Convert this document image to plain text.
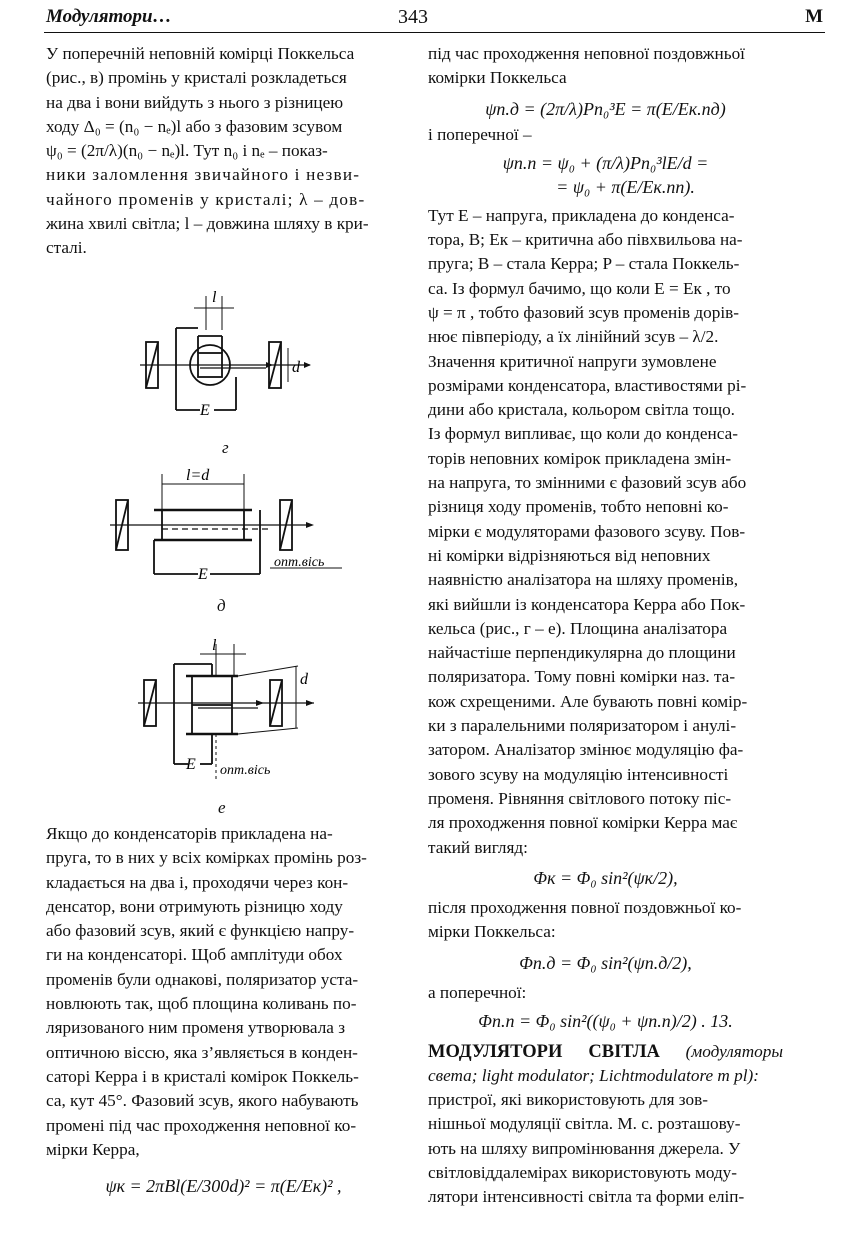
Модулятори…	343	М

У поперечній неповній комірці Поккельса

(рис., в) промінь у кристалі розкладеться

на два і вони вийдуть з нього з різницею

ходу Δ₀ = (n₀ − nₑ)l або з фазовим зсувом

ψ₀ = (2π/λ)(n₀ − nₑ)l. Тут n₀ і nₑ – показ-

ники заломлення звичайного і незви-

чайного променів у кристалі; λ – дов-

жина хвилі світла; l – довжина шляху в кри-

сталі.

l
d
E
г
l=d
E
опт.вісь
д
l
d
E опт.вісь
е

Якщо до конденсаторів прикладена на-

пруга, то в них у всіх комірках промінь роз-

кладається на два і, проходячи через кон-

денсатор, вони отримують різницю ходу

або фазовий зсув, який є функцією напру-

ги на конденсаторі. Щоб амплітуди обох

променів були однакові, поляризатор уста-

новлюють так, щоб площина коливань по-

ляризованого ним променя утворювала з

оптичною віссю, яка з’являється в конден-

саторі Керра і в кристалі комірок Поккель-

са, кут 45°. Фазовий зсув, якого набувають

промені під час проходження неповної ко-

мірки Керра,

ψк = 2πBl(E/300d)² = π(E/Eк)² ,

під час проходження неповної поздовжньої

комірки Поккельса

ψп.д = (2π/λ)Pn₀³E = π(E/Eк.пд)

і поперечної –

ψп.п = ψ₀ + (π/λ)Pn₀³lE/d =

= ψ₀ + π(E/Eк.пп).

Тут E – напруга, прикладена до конденса-

тора, В; Eк – критична або півхвильова на-

пруга; B – стала Керра; P – стала Поккель-

са. Із формул бачимо, що коли E = Eк , то

ψ = π , тобто фазовий зсув променів дорів-

нює півперіоду, а їх лінійний зсув – λ/2.

Значення критичної напруги зумовлене

розмірами конденсатора, властивостями рі-

дини або кристала, кольором світла тощо.

Із формул випливає, що коли до конденса-

торів неповних комірок прикладена змін-

на напруга, то змінними є фазовий зсув або

різниця ходу променів, тобто неповні ко-

мірки є модуляторами фазового зсуву. Пов-

ні комірки відрізняються від неповних

наявністю аналізатора на шляху променів,

які вийшли із конденсатора Керра або Пок-

кельса (рис., г – е). Площина аналізатора

найчастіше перпендикулярна до площини

поляризатора. Тому повні комірки наз. та-

кож схрещеними. Але бувають повні комір-

ки з паралельними поляризатором і анулі-

затором. Аналізатор змінює модуляцію фа-

зового зсуву на модуляцію інтенсивності

променя. Рівняння світлового потоку піс-

ля проходження повної комірки Керра має

такий вигляд:

Φк = Φ₀ sin²(ψк/2),

після проходження повної поздовжньої ко-

мірки Поккельса:

Φп.д = Φ₀ sin²(ψп.д/2),

а поперечної:

Φп.п = Φ₀ sin²((ψ₀ + ψп.п)/2) . 13.

МОДУЛЯТОРИ СВІТЛА (модуляторы света; light modulator; Lichtmodulatore m pl):

пристрої, які використовують для зов-

нішньої модуляції світла. М. с. розташову-

ють на шляху випромінювання джерела. У

світловіддалемірах використовують моду-

лятори інтенсивності світла та форми еліп-
